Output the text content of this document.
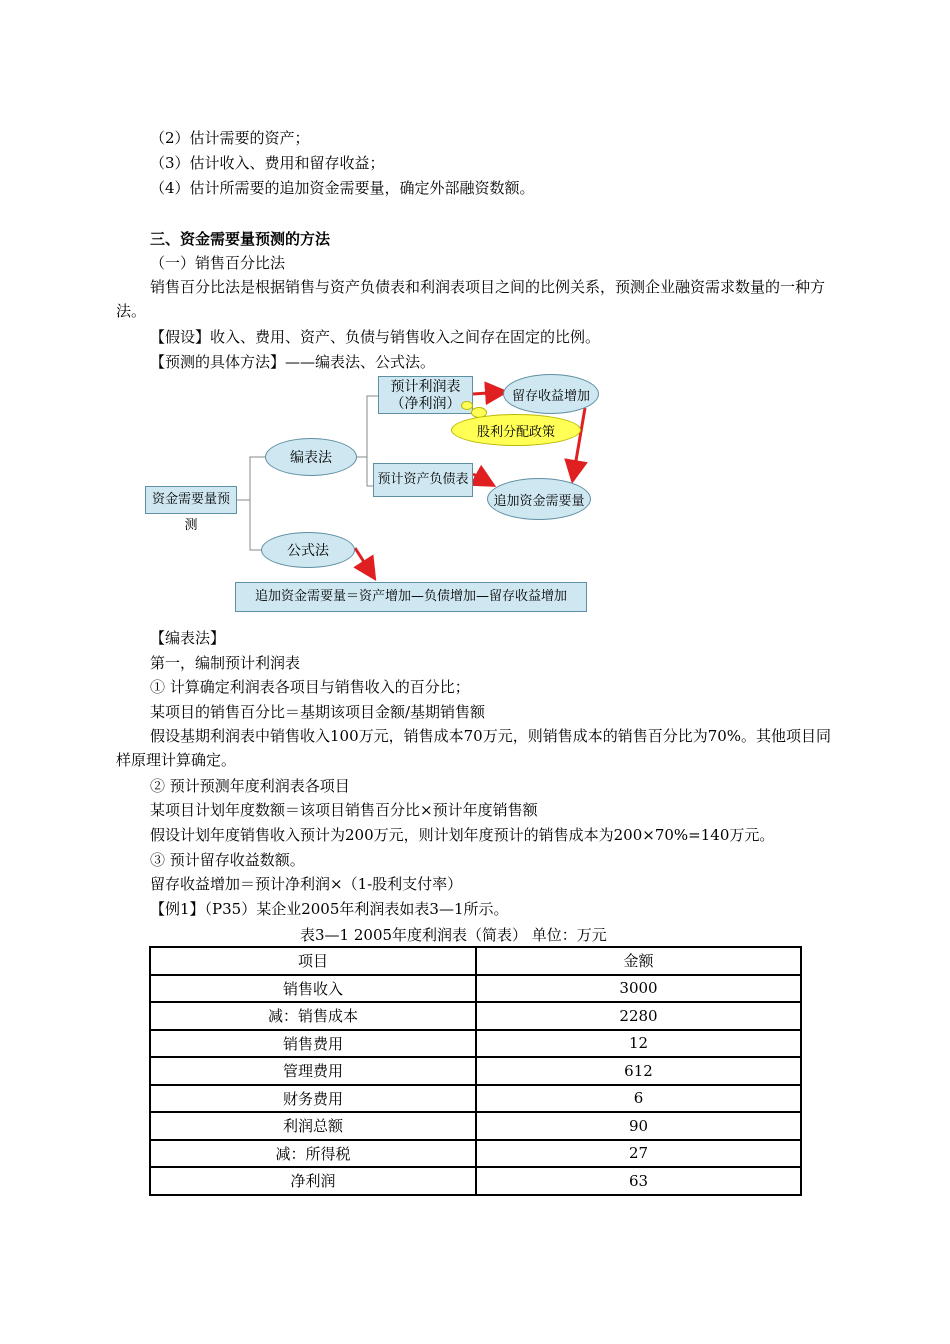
（2）估计需要的资产；
（3）估计收入、费用和留存收益；
（4）估计所需要的追加资金需要量，确定外部融资数额。
三、资金需要量预测的方法
（一）销售百分比法
销售百分比法是根据销售与资产负债表和利润表项目之间的比例关系，预测企业融资需求数量的一种方法。
【假设】收入、费用、资产、负债与销售收入之间存在固定的比例。
【预测的具体方法】——编表法、公式法。
资金需要量预测
编表法
公式法
预计利润表
（净利润）
预计资产负债表
留存收益增加
追加资金需要量
股利分配政策
追加资金需要量＝资产增加—负债增加—留存收益增加
【编表法】
第一，编制预计利润表
① 计算确定利润表各项目与销售收入的百分比；
某项目的销售百分比＝基期该项目金额/基期销售额
假设基期利润表中销售收入100万元，销售成本70万元，则销售成本的销售百分比为70%。其他项目同样原理计算确定。
② 预计预测年度利润表各项目
某项目计划年度数额＝该项目销售百分比×预计年度销售额
假设计划年度销售收入预计为200万元，则计划年度预计的销售成本为200×70%=140万元。
③ 预计留存收益数额。
留存收益增加＝预计净利润×（1-股利支付率）
【例1】（P35）某企业2005年利润表如表3—1所示。
表3—1 2005年度利润表（简表） 单位：万元
项目	金额
销售收入	3000
减：销售成本	2280
销售费用	12
管理费用	612
财务费用	6
利润总额	90
减：所得税	27
净利润	63
